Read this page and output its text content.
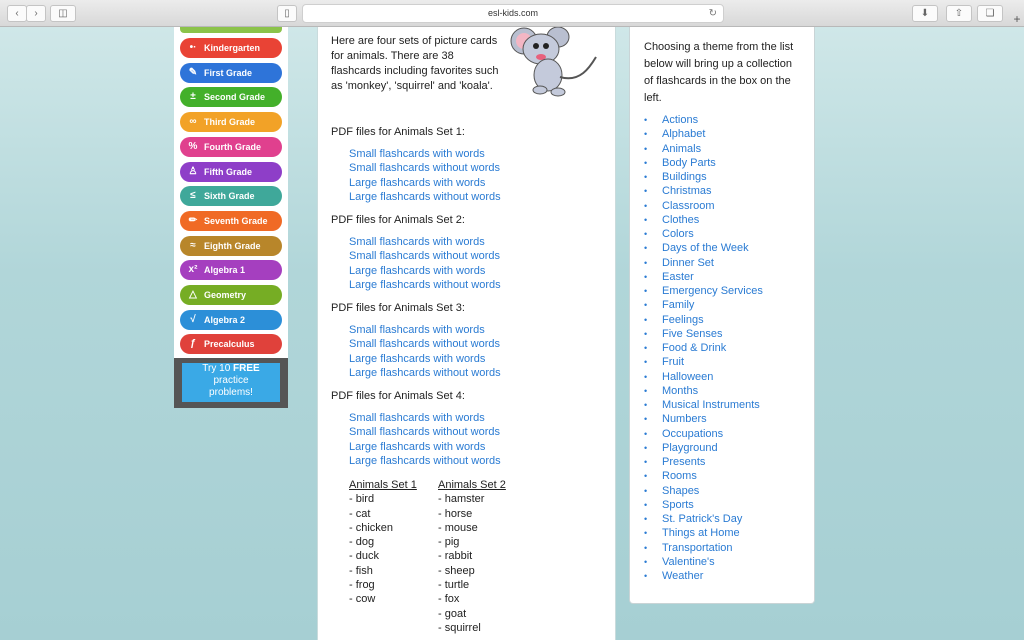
‹	›	◫	▯	esl-kids.com	↻	⬇	⇧	❏	+
•· Kindergarten
✎ First Grade
± Second Grade
∞ Third Grade
% Fourth Grade
♙ Fifth Grade
≤ Sixth Grade
✏ Seventh Grade
≈ Eighth Grade
x² Algebra 1
△ Geometry
√ Algebra 2
ƒ Precalculus
Try 10 FREE
practice
problems!
Here are four sets of picture cards for animals. There are 38 flashcards including favorites such as 'monkey', 'squirrel' and 'koala'.
PDF files for Animals Set 1:
Small flashcards with words
Small flashcards without words
Large flashcards with words
Large flashcards without words
PDF files for Animals Set 2:
Small flashcards with words
Small flashcards without words
Large flashcards with words
Large flashcards without words
PDF files for Animals Set 3:
Small flashcards with words
Small flashcards without words
Large flashcards with words
Large flashcards without words
PDF files for Animals Set 4:
Small flashcards with words
Small flashcards without words
Large flashcards with words
Large flashcards without words
Animals Set 1
- bird
- cat
- chicken
- dog
- duck
- fish
- frog
- cow
Animals Set 2
- hamster
- horse
- mouse
- pig
- rabbit
- sheep
- turtle
- fox
- goat
- squirrel
Choosing a theme from the list below will bring up a collection of flashcards in the box on the left.
• Actions
• Alphabet
• Animals
• Body Parts
• Buildings
• Christmas
• Classroom
• Clothes
• Colors
• Days of the Week
• Dinner Set
• Easter
• Emergency Services
• Family
• Feelings
• Five Senses
• Food & Drink
• Fruit
• Halloween
• Months
• Musical Instruments
• Numbers
• Occupations
• Playground
• Presents
• Rooms
• Shapes
• Sports
• St. Patrick's Day
• Things at Home
• Transportation
• Valentine's
• Weather
